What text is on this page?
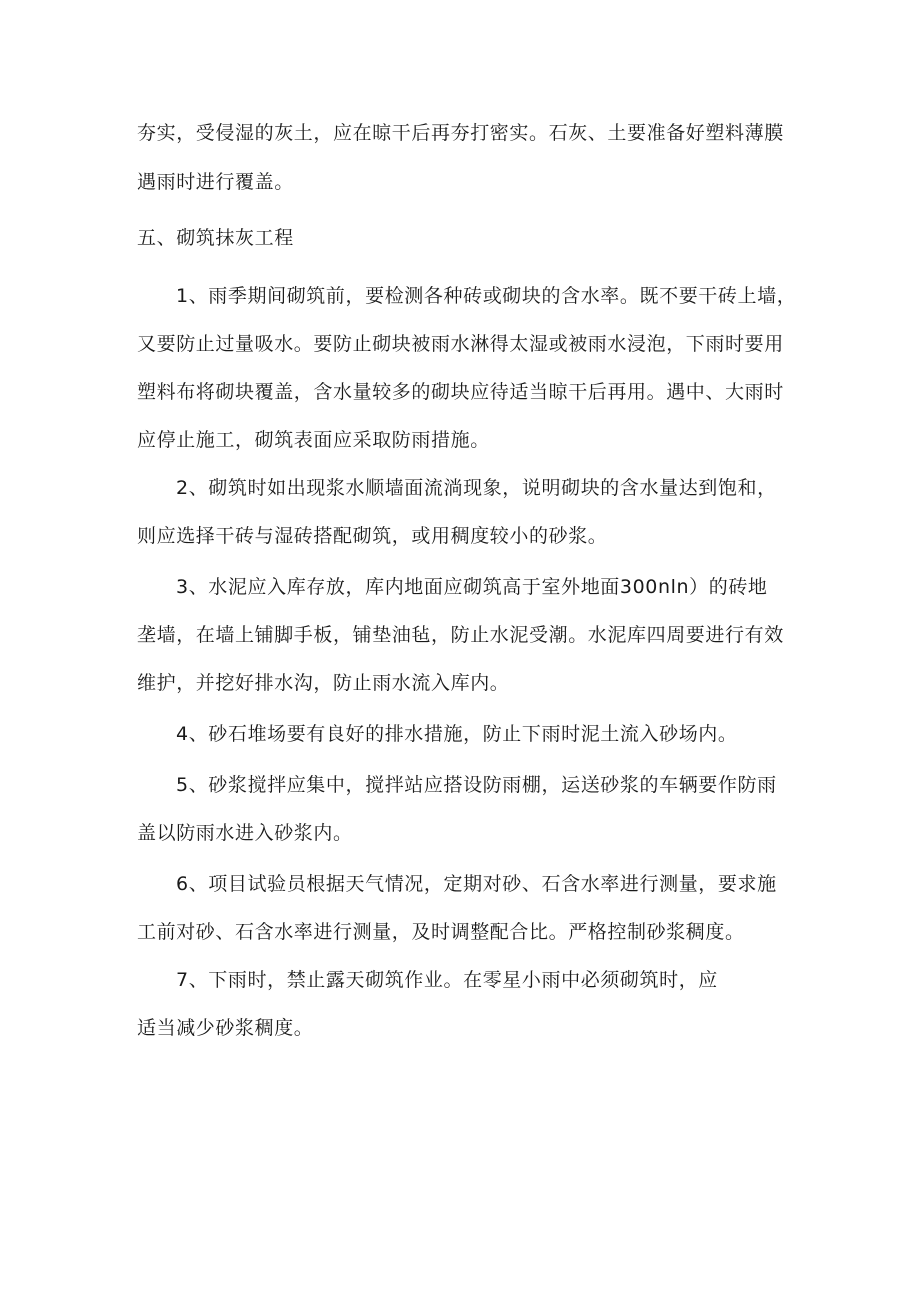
夯实，受侵湿的灰土，应在晾干后再夯打密实。石灰、土要准备好塑料薄膜
遇雨时进行覆盖。
五、砌筑抹灰工程
1、雨季期间砌筑前，要检测各种砖或砌块的含水率。既不要干砖上墙，
又要防止过量吸水。要防止砌块被雨水淋得太湿或被雨水浸泡，下雨时要用
塑料布将砌块覆盖，含水量较多的砌块应待适当晾干后再用。遇中、大雨时
应停止施工，砌筑表面应采取防雨措施。
2、砌筑时如出现浆水顺墙面流淌现象，说明砌块的含水量达到饱和，
则应选择干砖与湿砖搭配砌筑，或用稠度较小的砂浆。
3、水泥应入库存放，库内地面应砌筑高于室外地面300nln）的砖地
垄墙，在墙上铺脚手板，铺垫油毡，防止水泥受潮。水泥库四周要进行有效
维护，并挖好排水沟，防止雨水流入库内。
4、砂石堆场要有良好的排水措施，防止下雨时泥土流入砂场内。
5、砂浆搅拌应集中，搅拌站应搭设防雨棚，运送砂浆的车辆要作防雨
盖以防雨水进入砂浆内。
6、项目试验员根据天气情况，定期对砂、石含水率进行测量，要求施
工前对砂、石含水率进行测量，及时调整配合比。严格控制砂浆稠度。
7、下雨时，禁止露天砌筑作业。在零星小雨中必须砌筑时，应
适当减少砂浆稠度。
